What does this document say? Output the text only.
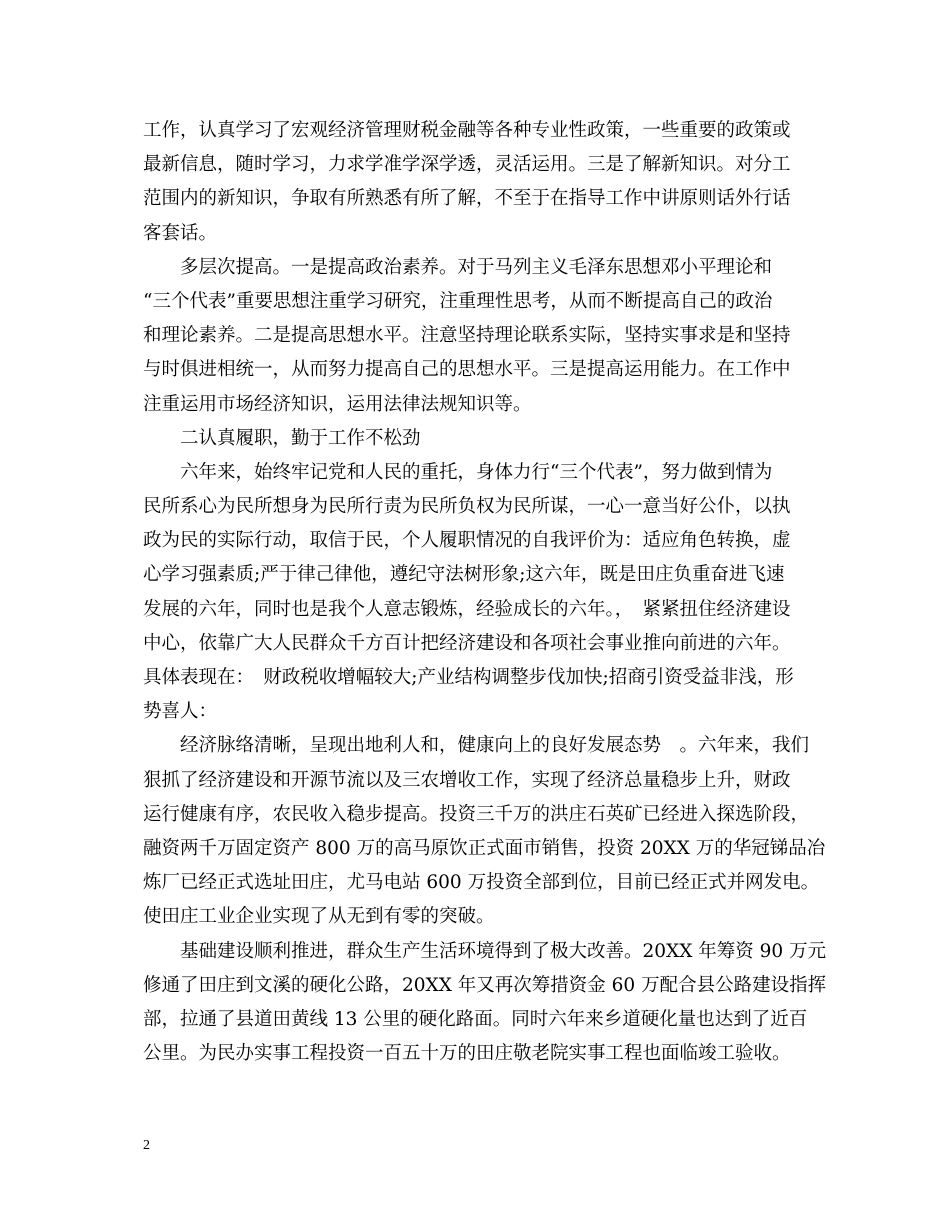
工作，认真学习了宏观经济管理财税金融等各种专业性政策，一些重要的政策或
最新信息，随时学习，力求学准学深学透，灵活运用。三是了解新知识。对分工
范围内的新知识，争取有所熟悉有所了解，不至于在指导工作中讲原则话外行话
客套话。
　　多层次提高。一是提高政治素养。对于马列主义毛泽东思想邓小平理论和
“三个代表”重要思想注重学习研究，注重理性思考，从而不断提高自己的政治
和理论素养。二是提高思想水平。注意坚持理论联系实际，坚持实事求是和坚持
与时俱进相统一，从而努力提高自己的思想水平。三是提高运用能力。在工作中
注重运用市场经济知识，运用法律法规知识等。
　　二认真履职，勤于工作不松劲
　　六年来，始终牢记党和人民的重托，身体力行“三个代表”，努力做到情为
民所系心为民所想身为民所行责为民所负权为民所谋，一心一意当好公仆，以执
政为民的实际行动，取信于民，个人履职情况的自我评价为：适应角色转换，虚
心学习强素质;严于律己律他，遵纪守法树形象;这六年，既是田庄负重奋进飞速
发展的六年，同时也是我个人意志锻炼，经验成长的六年。，　紧紧扭住经济建设
中心，依靠广大人民群众千方百计把经济建设和各项社会事业推向前进的六年。
具体表现在：　财政税收增幅较大;产业结构调整步伐加快;招商引资受益非浅，形
势喜人：
　　经济脉络清晰，呈现出地利人和，健康向上的良好发展态势　。六年来，我们
狠抓了经济建设和开源节流以及三农增收工作，实现了经济总量稳步上升，财政
运行健康有序，农民收入稳步提高。投资三千万的洪庄石英矿已经进入探选阶段，
融资两千万固定资产 800 万的高马原饮正式面市销售，投资 20XX 万的华冠锑品冶
炼厂已经正式选址田庄，尤马电站 600 万投资全部到位，目前已经正式并网发电。
使田庄工业企业实现了从无到有零的突破。
　　基础建设顺利推进，群众生产生活环境得到了极大改善。20XX 年筹资 90 万元
修通了田庄到文溪的硬化公路，20XX 年又再次筹措资金 60 万配合县公路建设指挥
部，拉通了县道田黄线 13 公里的硬化路面。同时六年来乡道硬化量也达到了近百
公里。为民办实事工程投资一百五十万的田庄敬老院实事工程也面临竣工验收。
2
